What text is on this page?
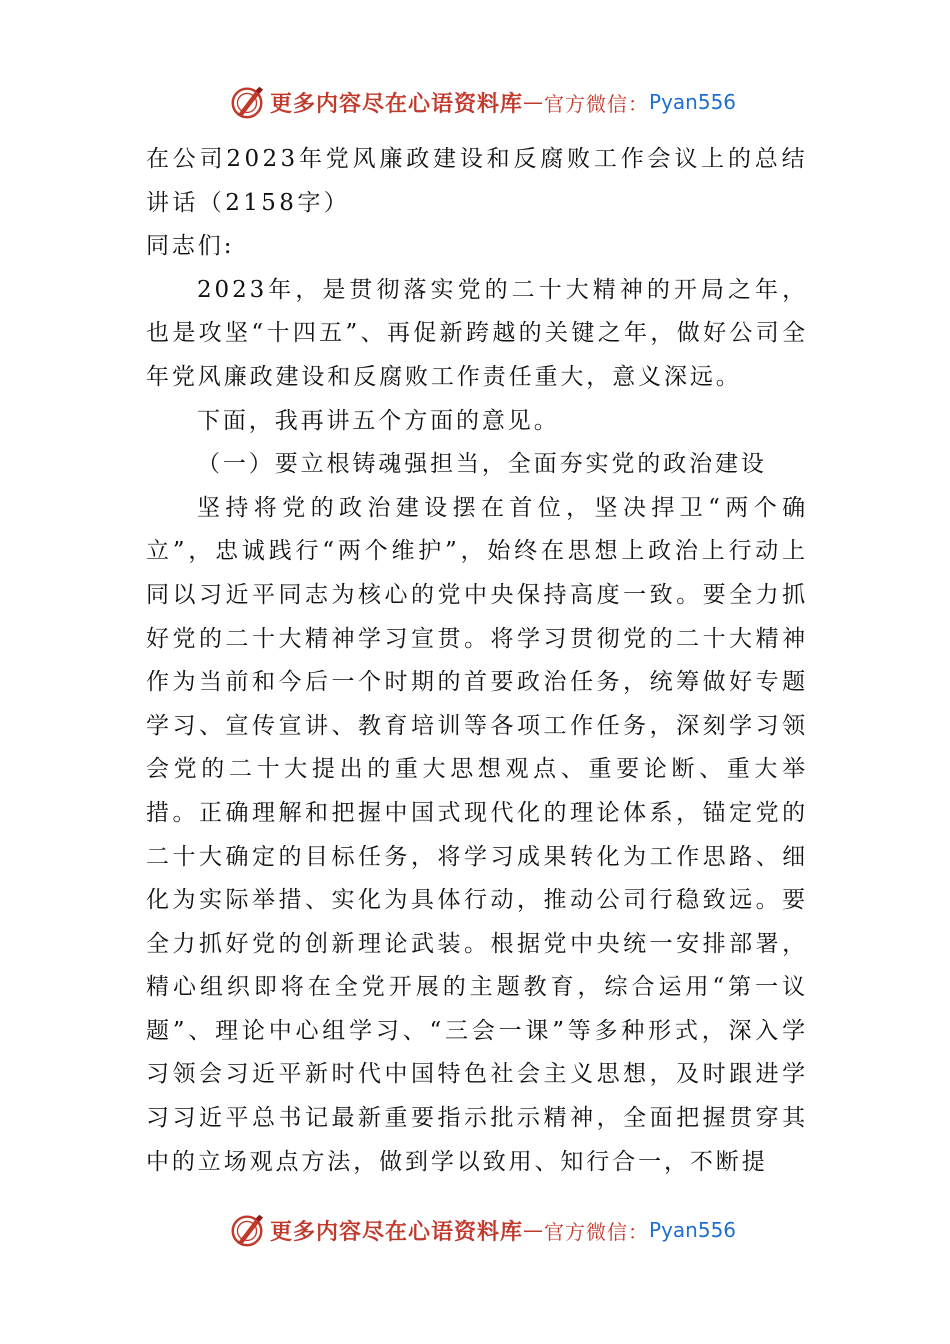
更多内容尽在心语资料库 — 官方微信： Pyan556

在公司2023年党风廉政建设和反腐败工作会议上的总结讲话（2158字）

同志们:

2023年，是贯彻落实党的二十大精神的开局之年，也是攻坚“十四五”、再促新跨越的关键之年，做好公司全年党风廉政建设和反腐败工作责任重大，意义深远。

下面，我再讲五个方面的意见。

（一）要立根铸魂强担当，全面夯实党的政治建设

坚持将党的政治建设摆在首位，坚决捍卫“两个确立”，忠诚践行“两个维护”，始终在思想上政治上行动上同以习近平同志为核心的党中央保持高度一致。要全力抓好党的二十大精神学习宣贯。将学习贯彻党的二十大精神作为当前和今后一个时期的首要政治任务，统筹做好专题学习、宣传宣讲、教育培训等各项工作任务，深刻学习领会党的二十大提出的重大思想观点、重要论断、重大举措。正确理解和把握中国式现代化的理论体系，锚定党的二十大确定的目标任务，将学习成果转化为工作思路、细化为实际举措、实化为具体行动，推动公司行稳致远。要全力抓好党的创新理论武装。根据党中央统一安排部署，精心组织即将在全党开展的主题教育，综合运用“第一议题”、理论中心组学习、“三会一课”等多种形式，深入学习领会习近平新时代中国特色社会主义思想，及时跟进学习习近平总书记最新重要指示批示精神，全面把握贯穿其中的立场观点方法，做到学以致用、知行合一，不断提

更多内容尽在心语资料库 — 官方微信： Pyan556
